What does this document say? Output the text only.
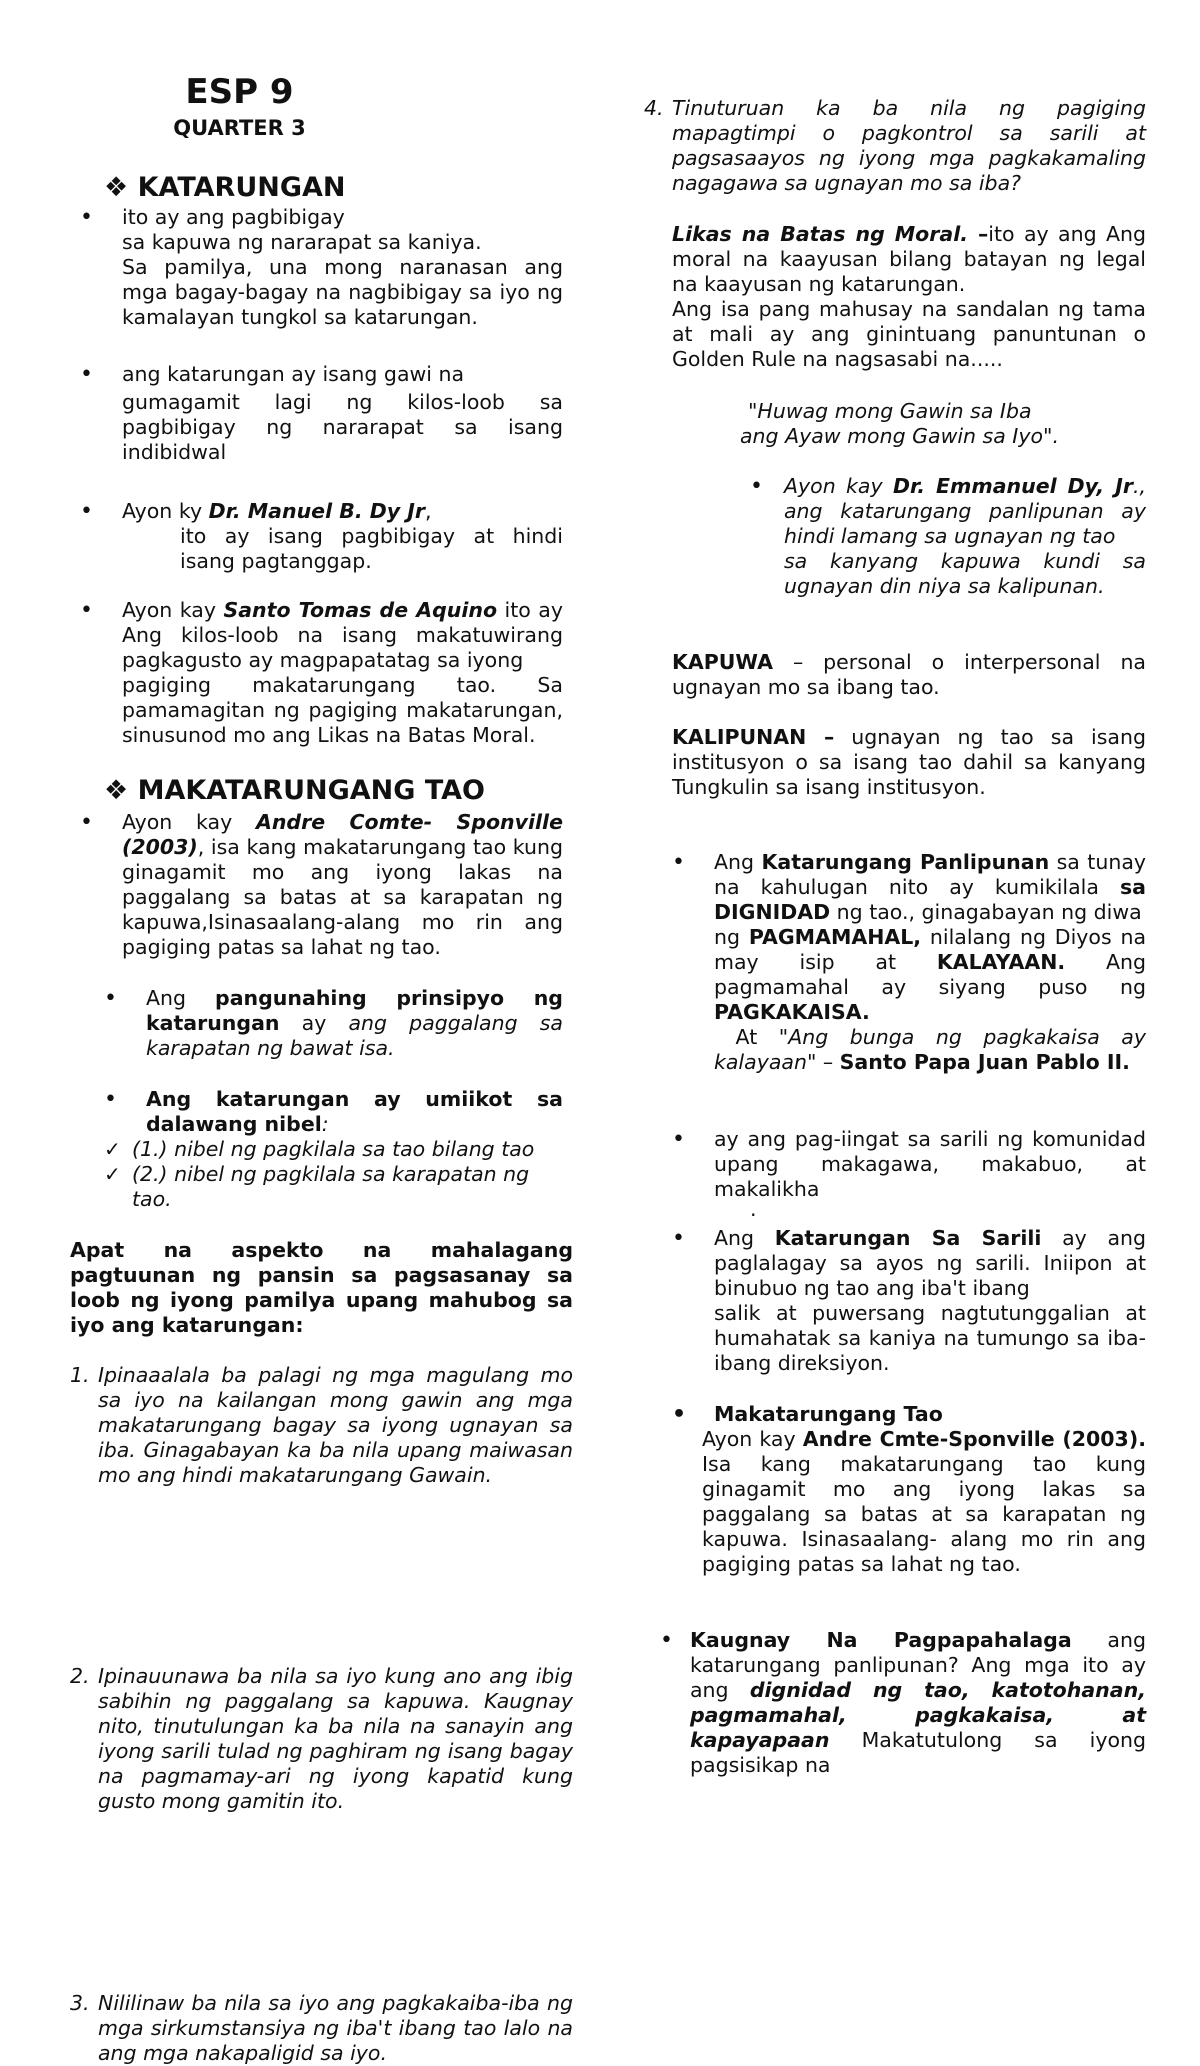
ESP 9
QUARTER 3
❖ KATARUNGAN
• ito ay ang pagbibigay
sa kapuwa ng nararapat sa kaniya.
Sa pamilya, una mong naranasan ang mga bagay-bagay na nagbibigay sa iyo ng kamalayan tungkol sa katarungan.
• ang katarungan ay isang gawi na
gumagamit lagi ng kilos-loob sa pagbibigay ng nararapat sa isang indibidwal
• Ayon ky Dr. Manuel B. Dy Jr,
ito ay isang pagbibigay at hindi isang pagtanggap.
• Ayon kay Santo Tomas de Aquino ito ay Ang kilos-loob na isang makatuwirang pagkagusto ay magpapatatag sa iyong
pagiging makatarungang tao. Sa pamamagitan ng pagiging makatarungan, sinusunod mo ang Likas na Batas Moral.
❖ MAKATARUNGANG TAO
• Ayon kay Andre Comte- Sponville (2003), isa kang makatarungang tao kung ginagamit mo ang iyong lakas na paggalang sa batas at sa karapatan ng kapuwa,Isinasaalang-alang mo rin ang pagiging patas sa lahat ng tao.
• Ang pangunahing prinsipyo ng katarungan ay ang paggalang sa karapatan ng bawat isa.
• Ang katarungan ay umiikot sa dalawang nibel:
✓ (1.) nibel ng pagkilala sa tao bilang tao
✓ (2.) nibel ng pagkilala sa karapatan ng tao.
Apat na aspekto na mahalagang pagtuunan ng pansin sa pagsasanay sa loob ng iyong pamilya upang mahubog sa iyo ang katarungan:
1. Ipinaaalala ba palagi ng mga magulang mo sa iyo na kailangan mong gawin ang mga makatarungang bagay sa iyong ugnayan sa iba. Ginagabayan ka ba nila upang maiwasan mo ang hindi makatarungang Gawain.
2. Ipinauunawa ba nila sa iyo kung ano ang ibig sabihin ng paggalang sa kapuwa. Kaugnay nito, tinutulungan ka ba nila na sanayin ang iyong sarili tulad ng paghiram ng isang bagay na pagmamay-ari ng iyong kapatid kung gusto mong gamitin ito.
3. Nililinaw ba nila sa iyo ang pagkakaiba-iba ng mga sirkumstansiya ng iba't ibang tao lalo na ang mga nakapaligid sa iyo.
4. Tinuturuan ka ba nila ng pagiging mapagtimpi o pagkontrol sa sarili at pagsasaayos ng iyong mga pagkakamaling nagagawa sa ugnayan mo sa iba?
Likas na Batas ng Moral. –ito ay ang Ang moral na kaayusan bilang batayan ng legal na kaayusan ng katarungan.
Ang isa pang mahusay na sandalan ng tama at mali ay ang ginintuang panuntunan o Golden Rule na nagsasabi na.....
"Huwag mong Gawin sa Iba
ang Ayaw mong Gawin sa Iyo".
• Ayon kay Dr. Emmanuel Dy, Jr., ang katarungang panlipunan ay hindi lamang sa ugnayan ng tao
sa kanyang kapuwa kundi sa ugnayan din niya sa kalipunan.
KAPUWA – personal o interpersonal na ugnayan mo sa ibang tao.
KALIPUNAN – ugnayan ng tao sa isang institusyon o sa isang tao dahil sa kanyang Tungkulin sa isang institusyon.
• Ang Katarungang Panlipunan sa tunay na kahulugan nito ay kumikilala sa DIGNIDAD ng tao., ginagabayan ng diwa
ng PAGMAMAHAL, nilalang ng Diyos na may isip at KALAYAAN. Ang pagmamahal ay siyang puso ng PAGKAKAISA.
At "Ang bunga ng pagkakaisa ay kalayaan" – Santo Papa Juan Pablo II.
• ay ang pag-iingat sa sarili ng komunidad upang makagawa, makabuo, at makalikha
.
• Ang Katarungan Sa Sarili ay ang paglalagay sa ayos ng sarili. Iniipon at binubuo ng tao ang iba't ibang
salik at puwersang nagtutunggalian at humahatak sa kaniya na tumungo sa iba-ibang direksiyon.
• Makatarungang Tao
Ayon kay Andre Cmte-Sponville (2003). Isa kang makatarungang tao kung ginagamit mo ang iyong lakas sa paggalang sa batas at sa karapatan ng kapuwa. Isinasaalang- alang mo rin ang pagiging patas sa lahat ng tao.
• Kaugnay Na Pagpapahalaga ang katarungang panlipunan? Ang mga ito ay ang dignidad ng tao, katotohanan, pagmamahal, pagkakaisa, at kapayapaan Makatutulong sa iyong pagsisikap na
